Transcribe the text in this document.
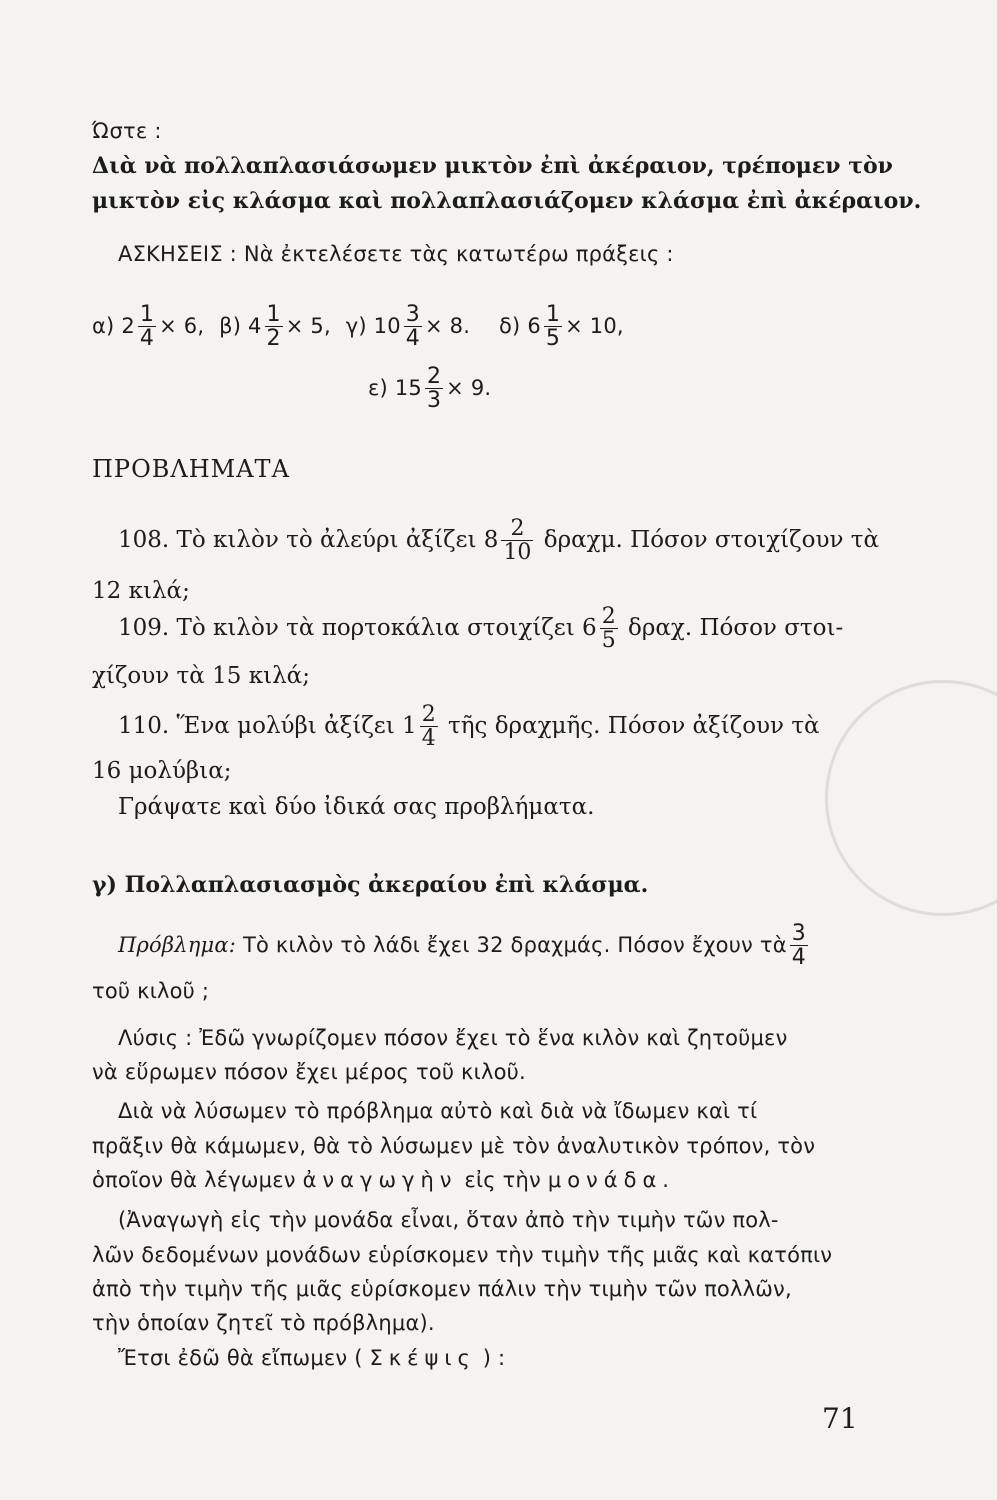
Ώστε :
Διὰ νὰ πολλαπλασιάσωμεν μικτὸν ἐπὶ ἀκέραιον, τρέπομεν τὸν
μικτὸν εἰς κλάσμα καὶ πολλαπλασιάζομεν κλάσμα ἐπὶ ἀκέραιον.
ΑΣΚΗΣΕΙΣ : Νὰ ἐκτελέσετε τὰς κατωτέρω πράξεις :
α) $2 \frac{1}{4} \times 6$, β) $4 \frac{1}{2} \times 5$, γ) $10 \frac{3}{4} \times 8$. δ) $6 \frac{1}{5} \times 10$,
ε) $15 \frac{2}{3} \times 9$.
ΠΡΟΒΛΗΜΑΤΑ
108. Τὸ κιλὸν τὸ ἀλεύρι ἀξίζει $8 \frac{2}{10} \delta\rho\alpha\chi\mu$. Πόσον στοιχίζουν τὰ
12 κιλά;
109. Τὸ κιλὸν τὰ πορτοκάλια στοιχίζει $6 \frac{2}{5} \delta\rho\alpha\chi$. Πόσον στοι-
χίζουν τὰ 15 κιλά;
110. Ἕνα μολύβι ἀξίζει $1 \frac{2}{4}$ τῆς δραχμῆς. Πόσον ἀξίζουν τὰ
16 μολύβια;
Γράψατε καὶ δύο ἰδικά σας προβλήματα.
γ) Πολλαπλασιασμὸς ἀκεραίου ἐπὶ κλάσμα.
Πρόβλημα: Τὸ κιλὸν τὸ λάδι ἔχει 32 δραχμάς. Πόσον ἔχουν τὰ $\frac{3}{4}$
τοῦ κιλοῦ ;
Λύσις : Ἐδῶ γνωρίζομεν πόσον ἔχει τὸ ἕνα κιλὸν καὶ ζητοῦμεν
νὰ εὕρωμεν πόσον ἔχει μέρος τοῦ κιλοῦ.
Διὰ νὰ λύσωμεν τὸ πρόβλημα αὐτὸ καὶ διὰ νὰ ἴδωμεν καὶ τί
πρᾶξιν θὰ κάμωμεν, θὰ τὸ λύσωμεν μὲ τὸν ἀναλυτικὸν τρόπον, τὸν
ὁποῖον θὰ λέγωμεν ἀναγωγὴν εἰς τὴν μονάδα.
(Ἀναγωγὴ εἰς τὴν μονάδα εἶναι, ὅταν ἀπὸ τὴν τιμὴν τῶν πολ-
λῶν δεδομένων μονάδων εὑρίσκομεν τὴν τιμὴν τῆς μιᾶς καὶ κατόπιν
ἀπὸ τὴν τιμὴν τῆς μιᾶς εὑρίσκομεν πάλιν τὴν τιμὴν τῶν πολλῶν,
τὴν ὁποίαν ζητεῖ τὸ πρόβλημα).
Ἔτσι ἐδῶ θὰ εἴπωμεν ( Σκέψις ) :
71
